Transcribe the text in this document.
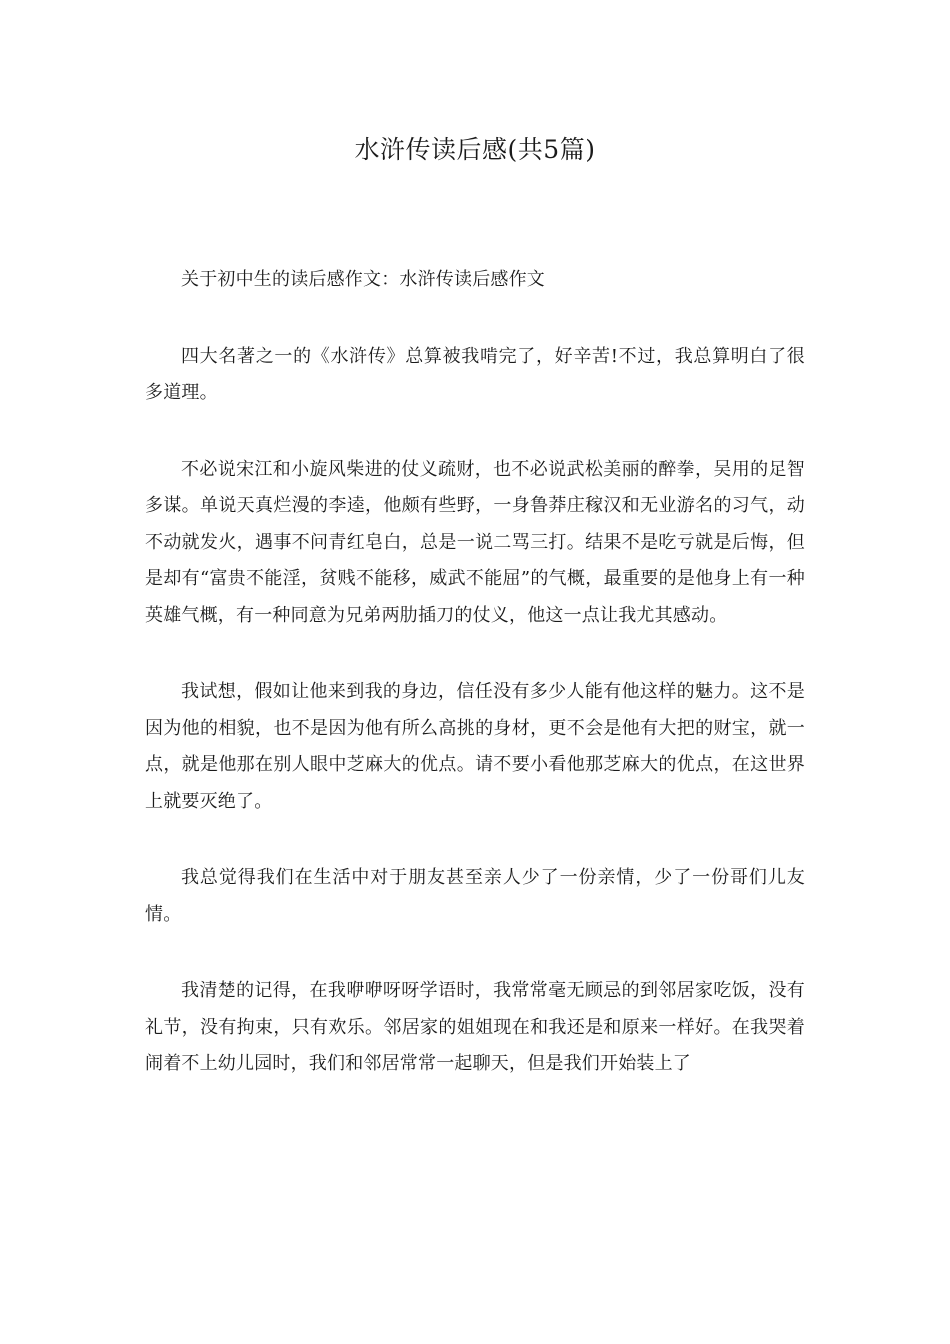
水浒传读后感(共5篇)

关于初中生的读后感作文：水浒传读后感作文

四大名著之一的《水浒传》总算被我啃完了，好辛苦!不过，我总算明白了很多道理。

不必说宋江和小旋风柴进的仗义疏财，也不必说武松美丽的醉拳，吴用的足智多谋。单说天真烂漫的李逵，他颇有些野，一身鲁莽庄稼汉和无业游名的习气，动不动就发火，遇事不问青红皂白，总是一说二骂三打。结果不是吃亏就是后悔，但是却有“富贵不能淫，贫贱不能移，威武不能屈”的气概，最重要的是他身上有一种英雄气概，有一种同意为兄弟两肋插刀的仗义，他这一点让我尤其感动。

我试想，假如让他来到我的身边，信任没有多少人能有他这样的魅力。这不是因为他的相貌，也不是因为他有所么高挑的身材，更不会是他有大把的财宝，就一点，就是他那在别人眼中芝麻大的优点。请不要小看他那芝麻大的优点，在这世界上就要灭绝了。

我总觉得我们在生活中对于朋友甚至亲人少了一份亲情，少了一份哥们儿友情。

我清楚的记得，在我咿咿呀呀学语时，我常常毫无顾忌的到邻居家吃饭，没有礼节，没有拘束，只有欢乐。邻居家的姐姐现在和我还是和原来一样好。在我哭着闹着不上幼儿园时，我们和邻居常常一起聊天，但是我们开始装上了
